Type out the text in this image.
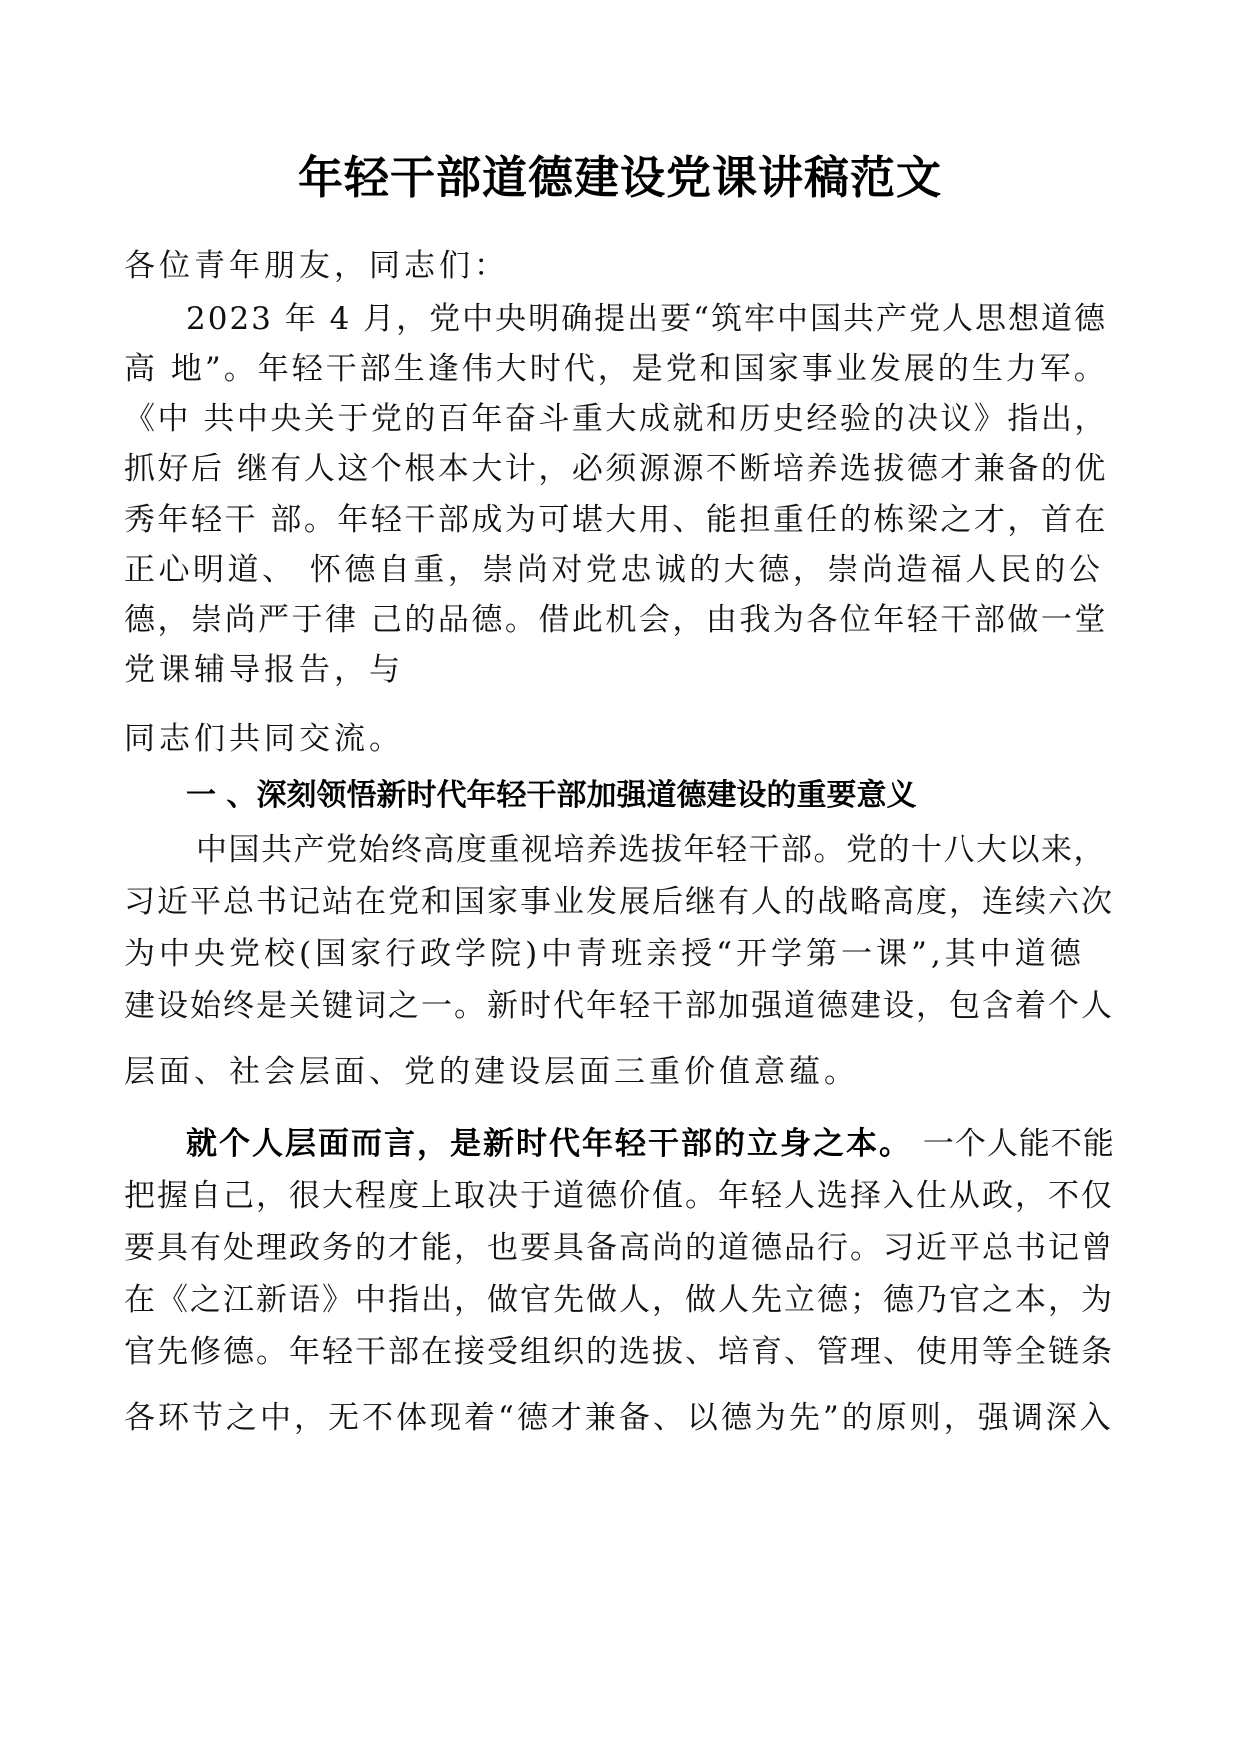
年轻干部道德建设党课讲稿范文
各位青年朋友，同志们：
2023 年 4 月，党中央明确提出要“筑牢中国共产党人思想道德
高 地”。年轻干部生逢伟大时代，是党和国家事业发展的生力军。
《中 共中央关于党的百年奋斗重大成就和历史经验的决议》指出，
抓好后 继有人这个根本大计，必须源源不断培养选拔德才兼备的优
秀年轻干 部。年轻干部成为可堪大用、能担重任的栋梁之才，首在
正心明道、 怀德自重，崇尚对党忠诚的大德，崇尚造福人民的公
德，崇尚严于律 己的品德。借此机会，由我为各位年轻干部做一堂
党课辅导报告，与
同志们共同交流。
一 、深刻领悟新时代年轻干部加强道德建设的重要意义
中国共产党始终高度重视培养选拔年轻干部。党的十八大以来，
习近平总书记站在党和国家事业发展后继有人的战略高度，连续六次
为中央党校(国家行政学院)中青班亲授“开学第一课”,其中道德
建设始终是关键词之一。新时代年轻干部加强道德建设，包含着个人
层面、社会层面、党的建设层面三重价值意蕴。
就个人层面而言，是新时代年轻干部的立身之本。 一个人能不能
把握自己，很大程度上取决于道德价值。年轻人选择入仕从政，不仅
要具有处理政务的才能，也要具备高尚的道德品行。习近平总书记曾
在《之江新语》中指出，做官先做人，做人先立德；德乃官之本，为
官先修德。年轻干部在接受组织的选拔、培育、管理、使用等全链条
各环节之中，无不体现着“德才兼备、以德为先”的原则，强调深入
